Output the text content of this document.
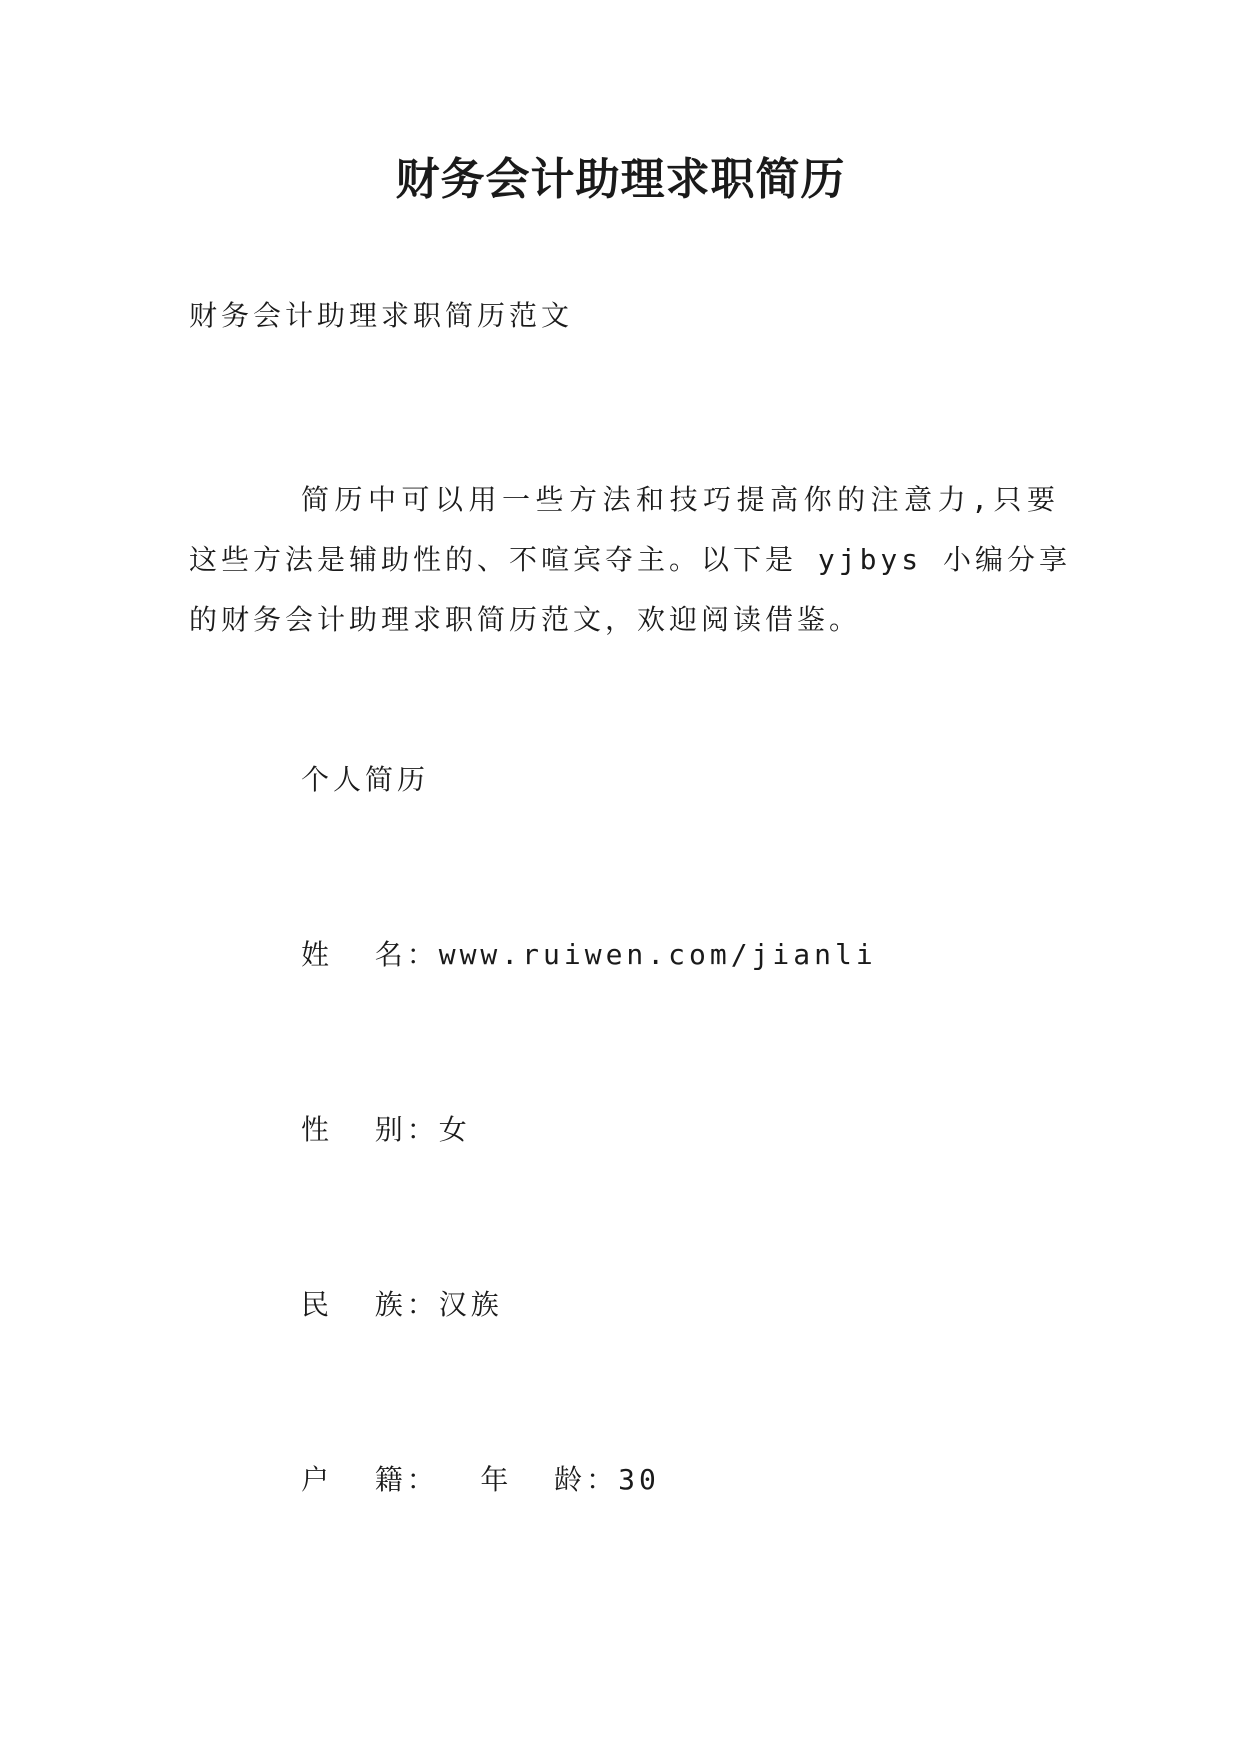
财务会计助理求职简历
财务会计助理求职简历范文
简历中可以用一些方法和技巧提高你的注意力,只要
这些方法是辅助性的、不喧宾夺主。以下是 yjbys 小编分享
的财务会计助理求职简历范文，欢迎阅读借鉴。
个人简历
姓  名：www.ruiwen.com/jianli
性  别：女
民  族：汉族
户  籍：  年  龄：30
